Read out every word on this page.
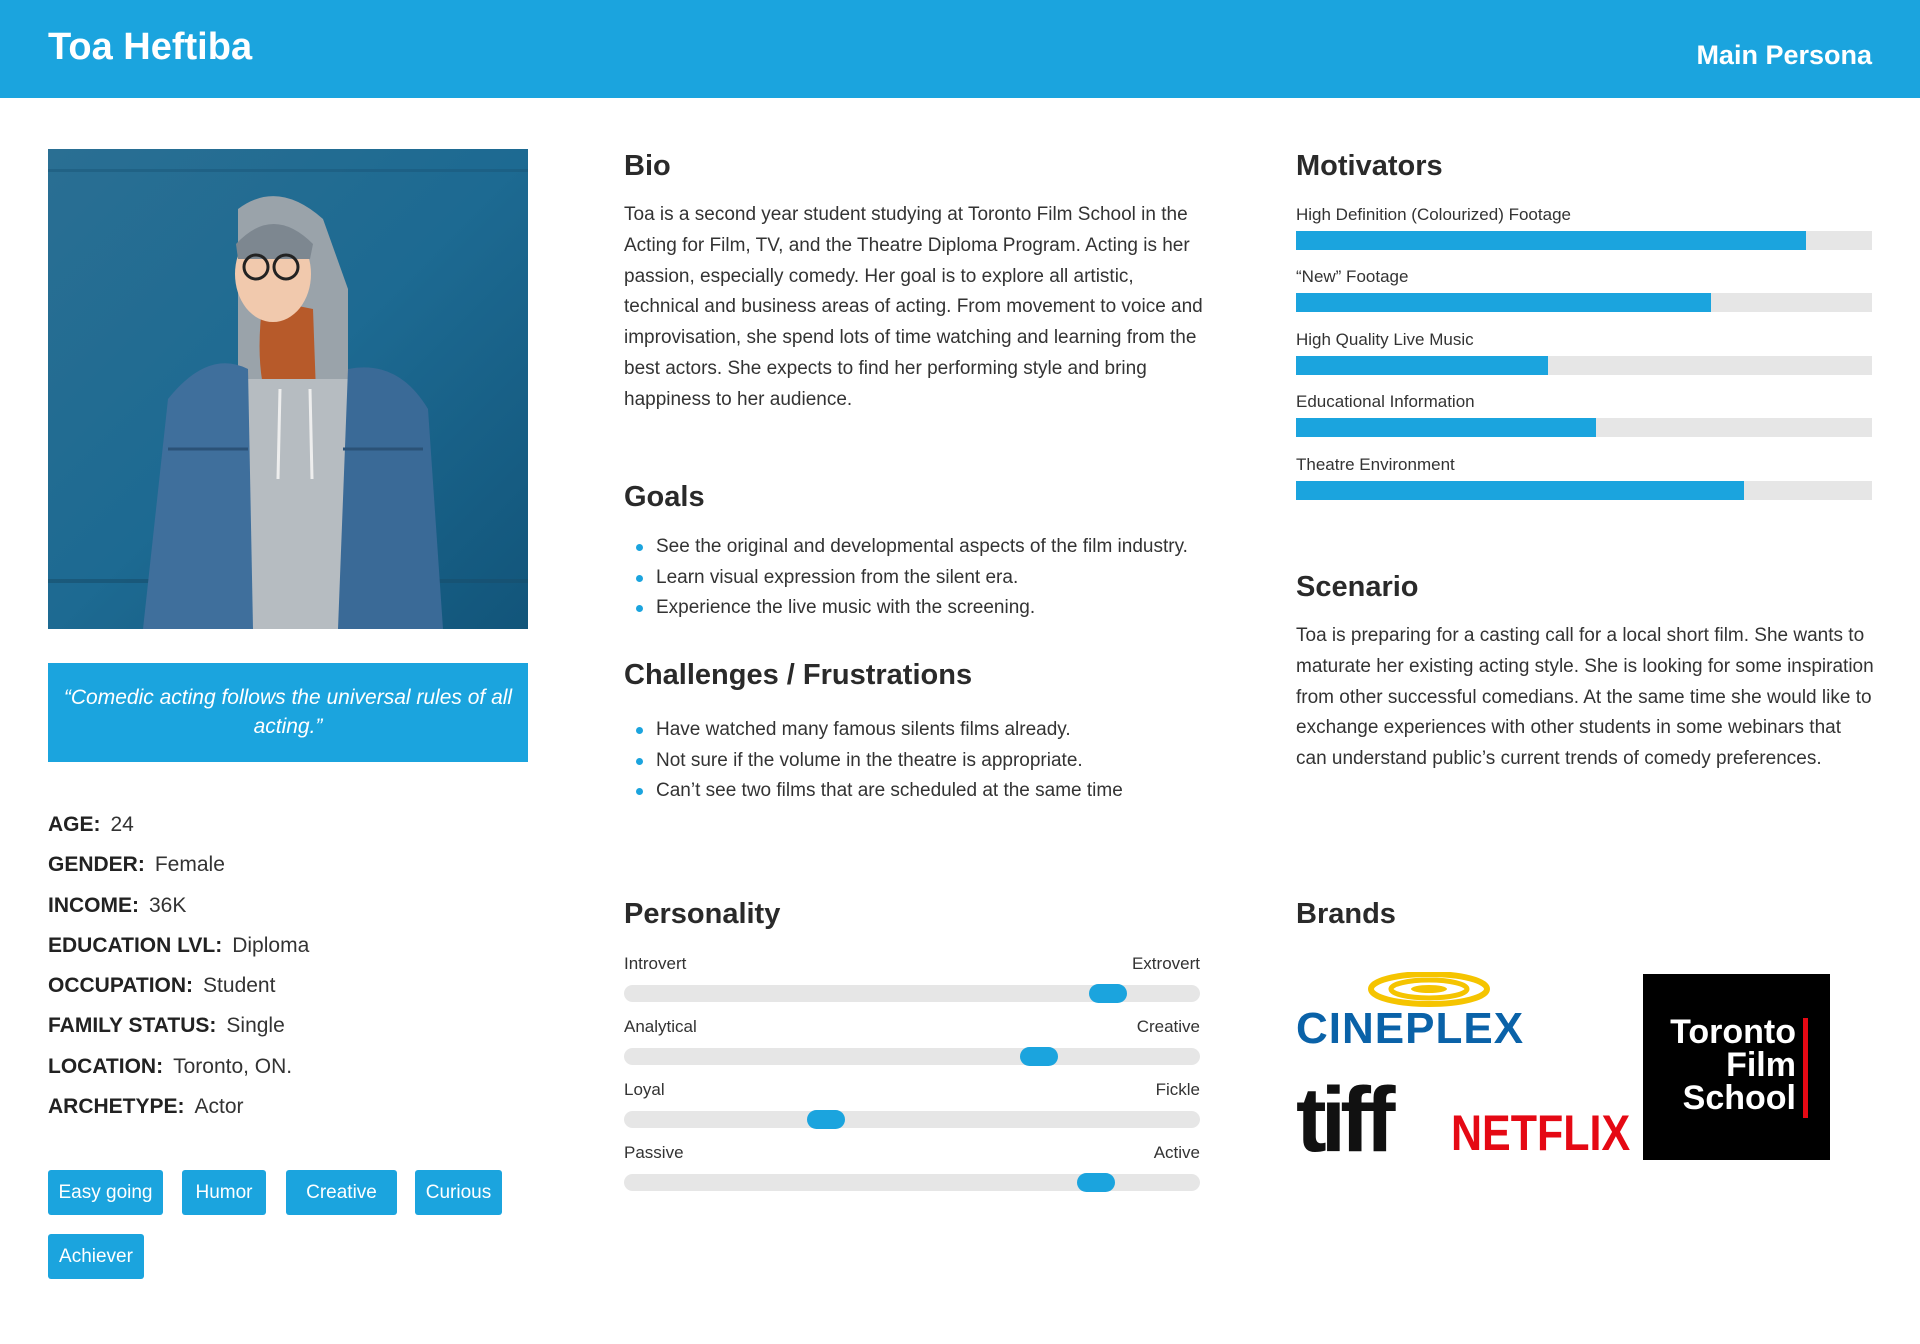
Toa Heftiba	Main Persona
“Comedic acting follows the universal rules of all acting.”
AGE: 24
GENDER: Female
INCOME: 36K
EDUCATION LVL: Diploma
OCCUPATION: Student
FAMILY STATUS: Single
LOCATION: Toronto, ON.
ARCHETYPE: Actor
Easy going	Humor	Creative	Curious
Achiever
Bio
Toa is a second year student studying at Toronto Film School in the Acting for Film, TV, and the Theatre Diploma Program. Acting is her passion, especially comedy. Her goal is to explore all artistic, technical and business areas of acting. From movement to voice and improvisation, she spend lots of time watching and learning from the best actors. She expects to find her performing style and bring happiness to her audience.
Goals
See the original and developmental aspects of the film industry.
Learn visual expression from the silent era.
Experience the live music with the screening.
Challenges / Frustrations
Have watched many famous silents films already.
Not sure if the volume in the theatre is appropriate.
Can’t see two films that are scheduled at the same time
Personality
Introvert	Extrovert
Analytical	Creative
Loyal	Fickle
Passive	Active
Motivators
High Definition (Colourized) Footage
“New” Footage
High Quality Live Music
Educational Information
Theatre Environment
Scenario
Toa is preparing for a casting call for a local short film. She wants to maturate her existing acting style. She is looking for some inspiration from other successful comedians. At the same time she would like to exchange experiences with other students in some webinars that can understand public’s current trends of comedy preferences.
Brands
CINEPLEX
tiff	NETFLIX
Toronto
Film
School
